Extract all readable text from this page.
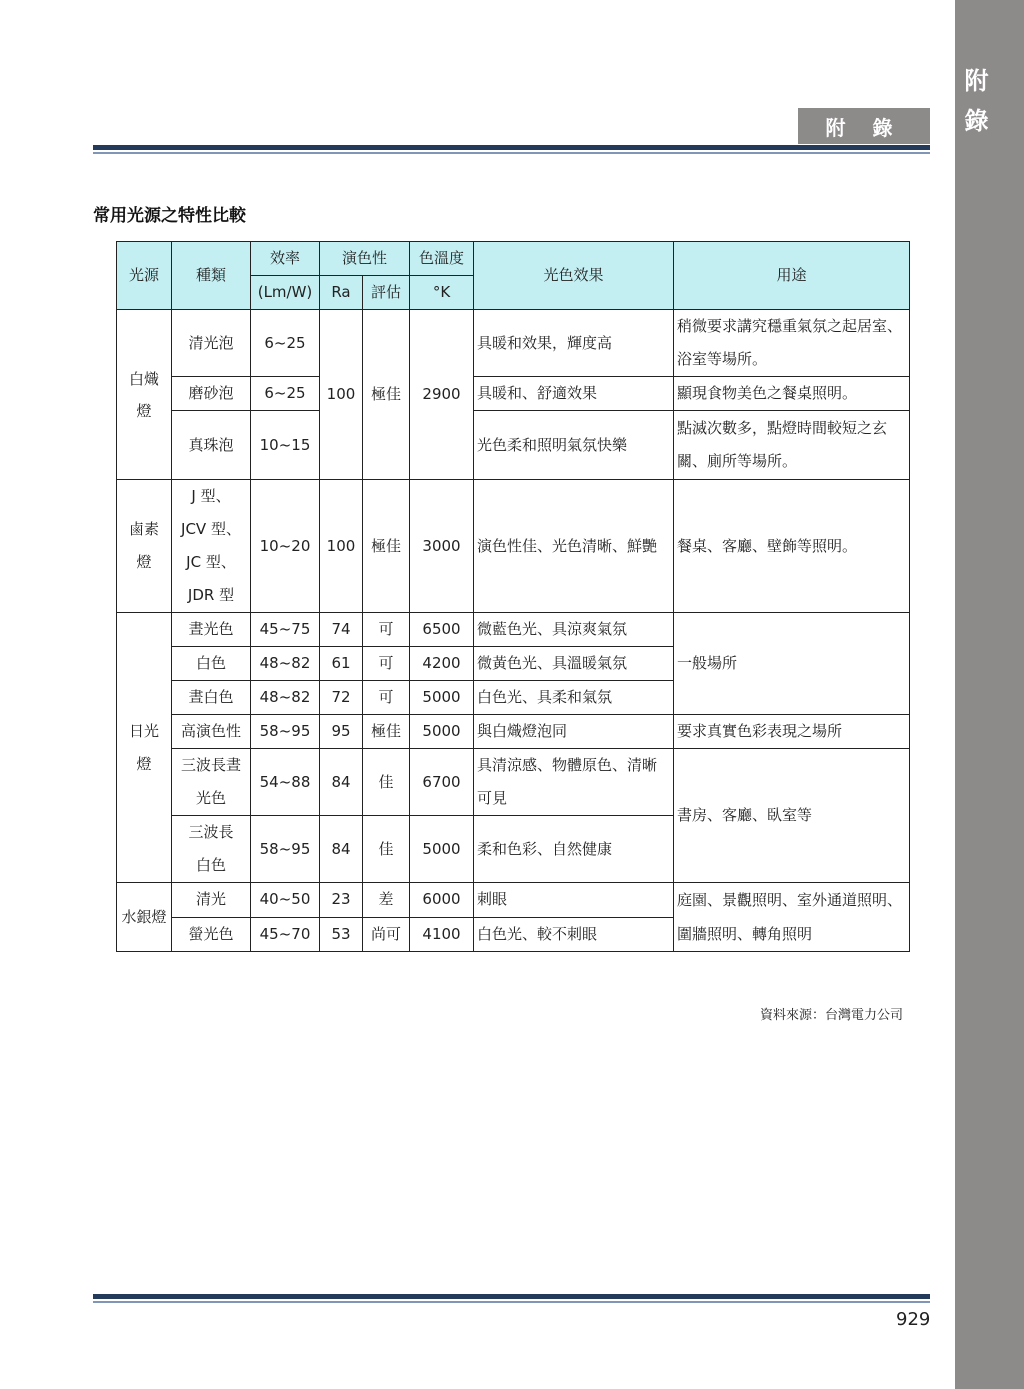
附錄
附 錄
常用光源之特性比較
光源	種類	效率	演色性		色溫度	光色效果	用途
		(Lm/W)	Ra	評估	°K		
白熾燈	清光泡	6~25	100	極佳	2900	具暖和效果，輝度高	稍微要求講究穩重氣氛之起居室、浴室等場所。
	磨砂泡	6~25				具暖和、舒適效果	顯現食物美色之餐桌照明。
	真珠泡	10~15				光色柔和照明氣氛快樂	點滅次數多，點燈時間較短之玄關、廁所等場所。
鹵素燈	J 型、
JCV 型、
JC 型、
JDR 型	10~20	100	極佳	3000	演色性佳、光色清晰、鮮艷	餐桌、客廳、壁飾等照明。
日光燈	晝光色	45~75	74	可	6500	微藍色光、具涼爽氣氛	一般場所
	白色	48~82	61	可	4200	微黃色光、具溫暖氣氛	
	晝白色	48~82	72	可	5000	白色光、具柔和氣氛	
	高演色性	58~95	95	極佳	5000	與白熾燈泡同	要求真實色彩表現之場所
	三波長晝光色	54~88	84	佳	6700	具清涼感、物體原色、清晰可見	書房、客廳、臥室等
	三波長白色	58~95	84	佳	5000	柔和色彩、自然健康	
水銀燈	清光	40~50	23	差	6000	刺眼	庭園、景觀照明、室外通道照明、圍牆照明、轉角照明
	螢光色	45~70	53	尚可	4100	白色光、較不刺眼	
資料來源：台灣電力公司
929
